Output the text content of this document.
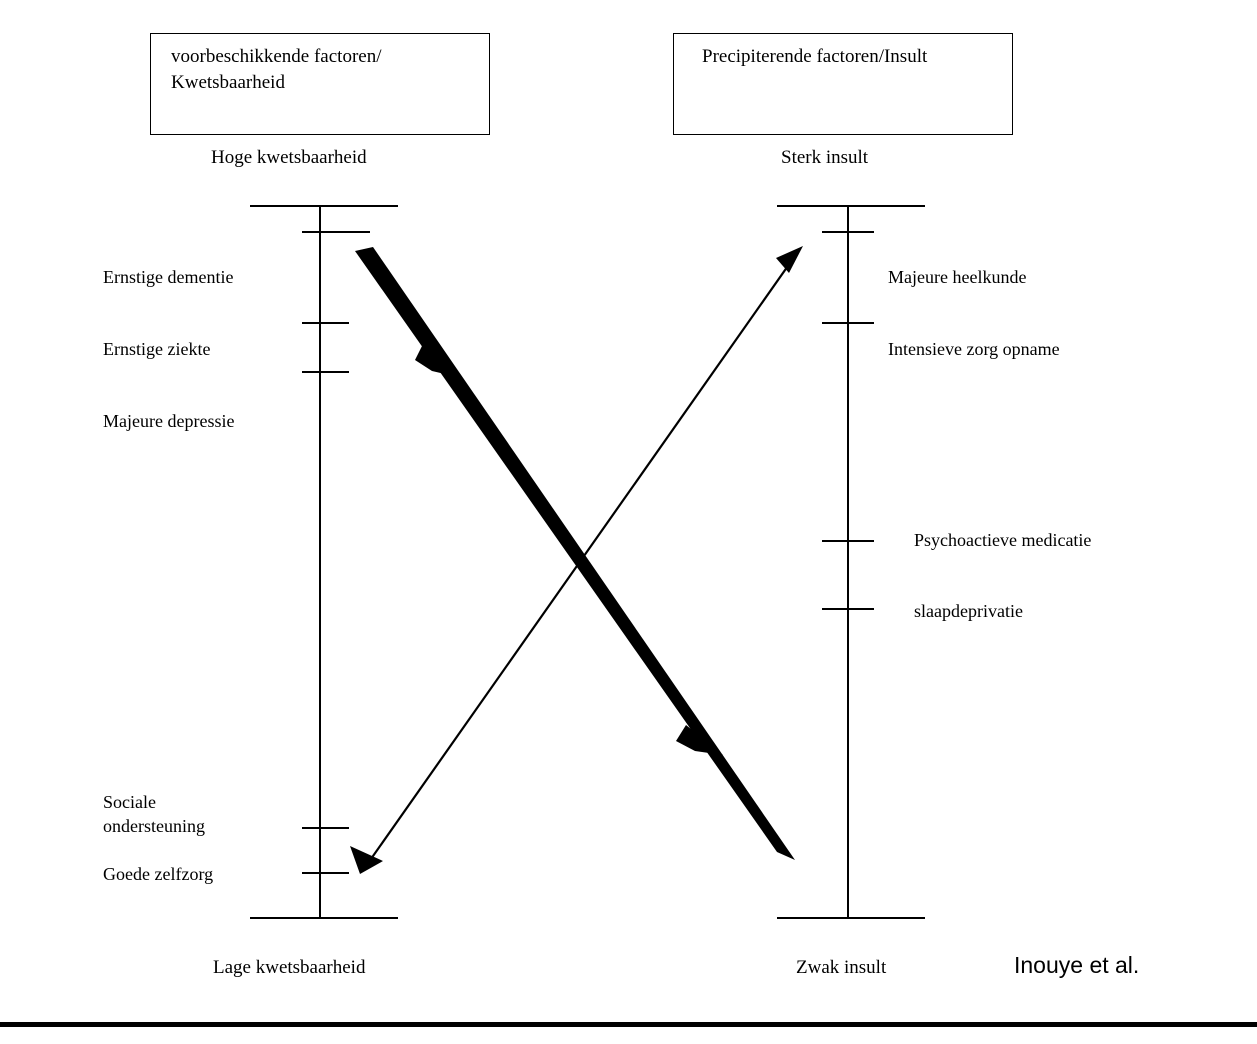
voorbeschikkende factoren/
Kwetsbaarheid
Precipiterende factoren/Insult
Hoge kwetsbaarheid	Sterk insult
Lage kwetsbaarheid	Zwak insult
Ernstige dementie
Ernstige ziekte
Majeure depressie
Sociale
ondersteuning
Goede zelfzorg
Majeure heelkunde
Intensieve zorg opname
Psychoactieve medicatie
slaapdeprivatie
Inouye et al.
